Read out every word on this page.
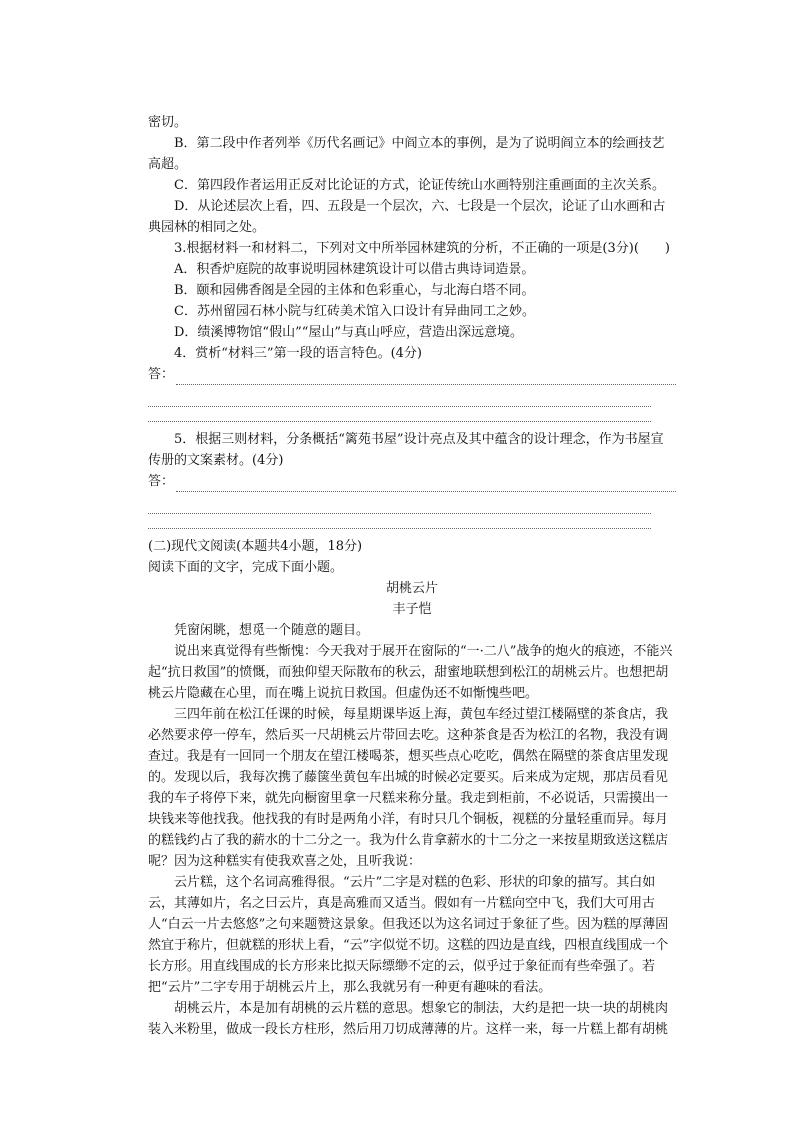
密切。

B．第二段中作者列举《历代名画记》中阎立本的事例，是为了说明阎立本的绘画技艺高超。

C．第四段作者运用正反对比论证的方式，论证传统山水画特别注重画面的主次关系。

D．从论述层次上看，四、五段是一个层次，六、七段是一个层次，论证了山水画和古典园林的相同之处。

3.根据材料一和材料二，下列对文中所举园林建筑的分析，不正确的一项是(3分)(　　)

A．积香炉庭院的故事说明园林建筑设计可以借古典诗词造景。

B．颐和园佛香阁是全园的主体和色彩重心，与北海白塔不同。

C．苏州留园石林小院与红砖美术馆入口设计有异曲同工之妙。

D．绩溪博物馆“假山”“屋山”与真山呼应，营造出深远意境。

4．赏析“材料三”第一段的语言特色。(4分)

答：

5．根据三则材料，分条概括“篱苑书屋”设计亮点及其中蕴含的设计理念，作为书屋宣传册的文案素材。(4分)

答：

(二)现代文阅读(本题共4小题，18分)

阅读下面的文字，完成下面小题。

胡桃云片

丰子恺

凭窗闲眺，想觅一个随意的题目。

说出来真觉得有些惭愧：今天我对于展开在窗际的“一·二八”战争的炮火的痕迹，不能兴起“抗日救国”的愤慨，而独仰望天际散布的秋云，甜蜜地联想到松江的胡桃云片。也想把胡桃云片隐藏在心里，而在嘴上说抗日救国。但虚伪还不如惭愧些吧。

三四年前在松江任课的时候，每星期课毕返上海，黄包车经过望江楼隔壁的茶食店，我必然要求停一停车，然后买一尺胡桃云片带回去吃。这种茶食是否为松江的名物，我没有调查过。我是有一回同一个朋友在望江楼喝茶，想买些点心吃吃，偶然在隔壁的茶食店里发现的。发现以后，我每次携了藤箧坐黄包车出城的时候必定要买。后来成为定规，那店员看见我的车子将停下来，就先向橱窗里拿一尺糕来称分量。我走到柜前，不必说话，只需摸出一块钱来等他找我。他找我的有时是两角小洋，有时只几个铜板，视糕的分量轻重而异。每月的糕钱约占了我的薪水的十二分之一。我为什么肯拿薪水的十二分之一来按星期致送这糕店呢？因为这种糕实有使我欢喜之处，且听我说：

云片糕，这个名词高雅得很。“云片”二字是对糕的色彩、形状的印象的描写。其白如云，其薄如片，名之曰云片，真是高雅而又适当。假如有一片糕向空中飞，我们大可用古人“白云一片去悠悠”之句来题赞这景象。但我还以为这名词过于象征了些。因为糕的厚薄固然宜于称片，但就糕的形状上看，“云”字似觉不切。这糕的四边是直线，四根直线围成一个长方形。用直线围成的长方形来比拟天际缥缈不定的云，似乎过于象征而有些牵强了。若把“云片”二字专用于胡桃云片上，那么我就另有一种更有趣味的看法。

胡桃云片，本是加有胡桃的云片糕的意思。想象它的制法，大约是把一块一块的胡桃肉装入米粉里，做成一段长方柱形，然后用刀切成薄薄的片。这样一来，每一片糕上都有胡桃
